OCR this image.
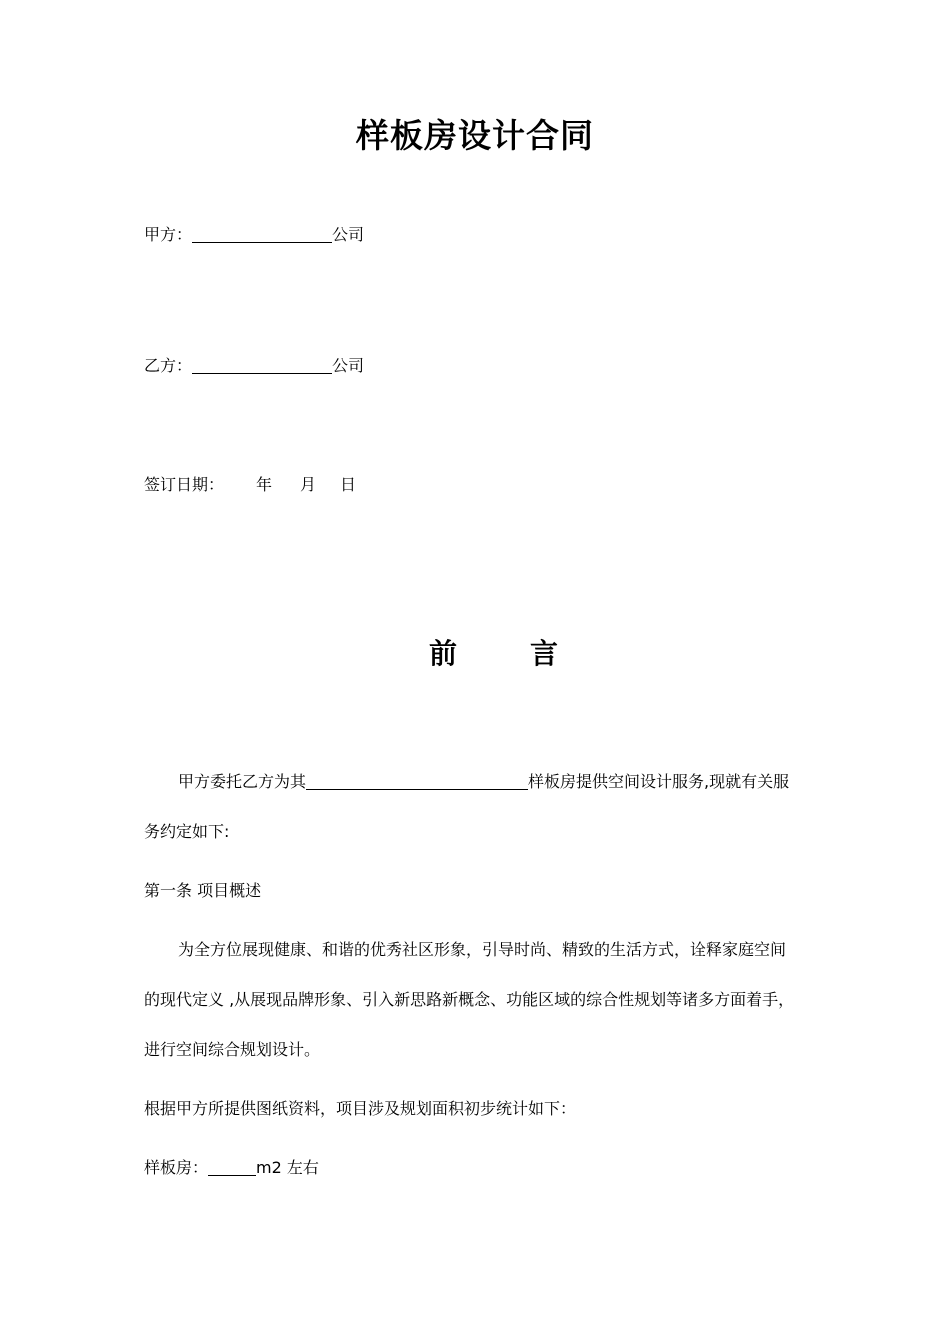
样板房设计合同
甲方：	公司
乙方：	公司
签订日期： 年 月 日
前	言
甲方委托乙方为其	样板房提供空间设计服务,现就有关服
务约定如下:
第一条 项目概述
为全方位展现健康、和谐的优秀社区形象，引导时尚、精致的生活方式，诠释家庭空间
的现代定义 ,从展现品牌形象、引入新思路新概念、功能区域的综合性规划等诸多方面着手，
进行空间综合规划设计。
根据甲方所提供图纸资料，项目涉及规划面积初步统计如下：
样板房：	m2 左右
